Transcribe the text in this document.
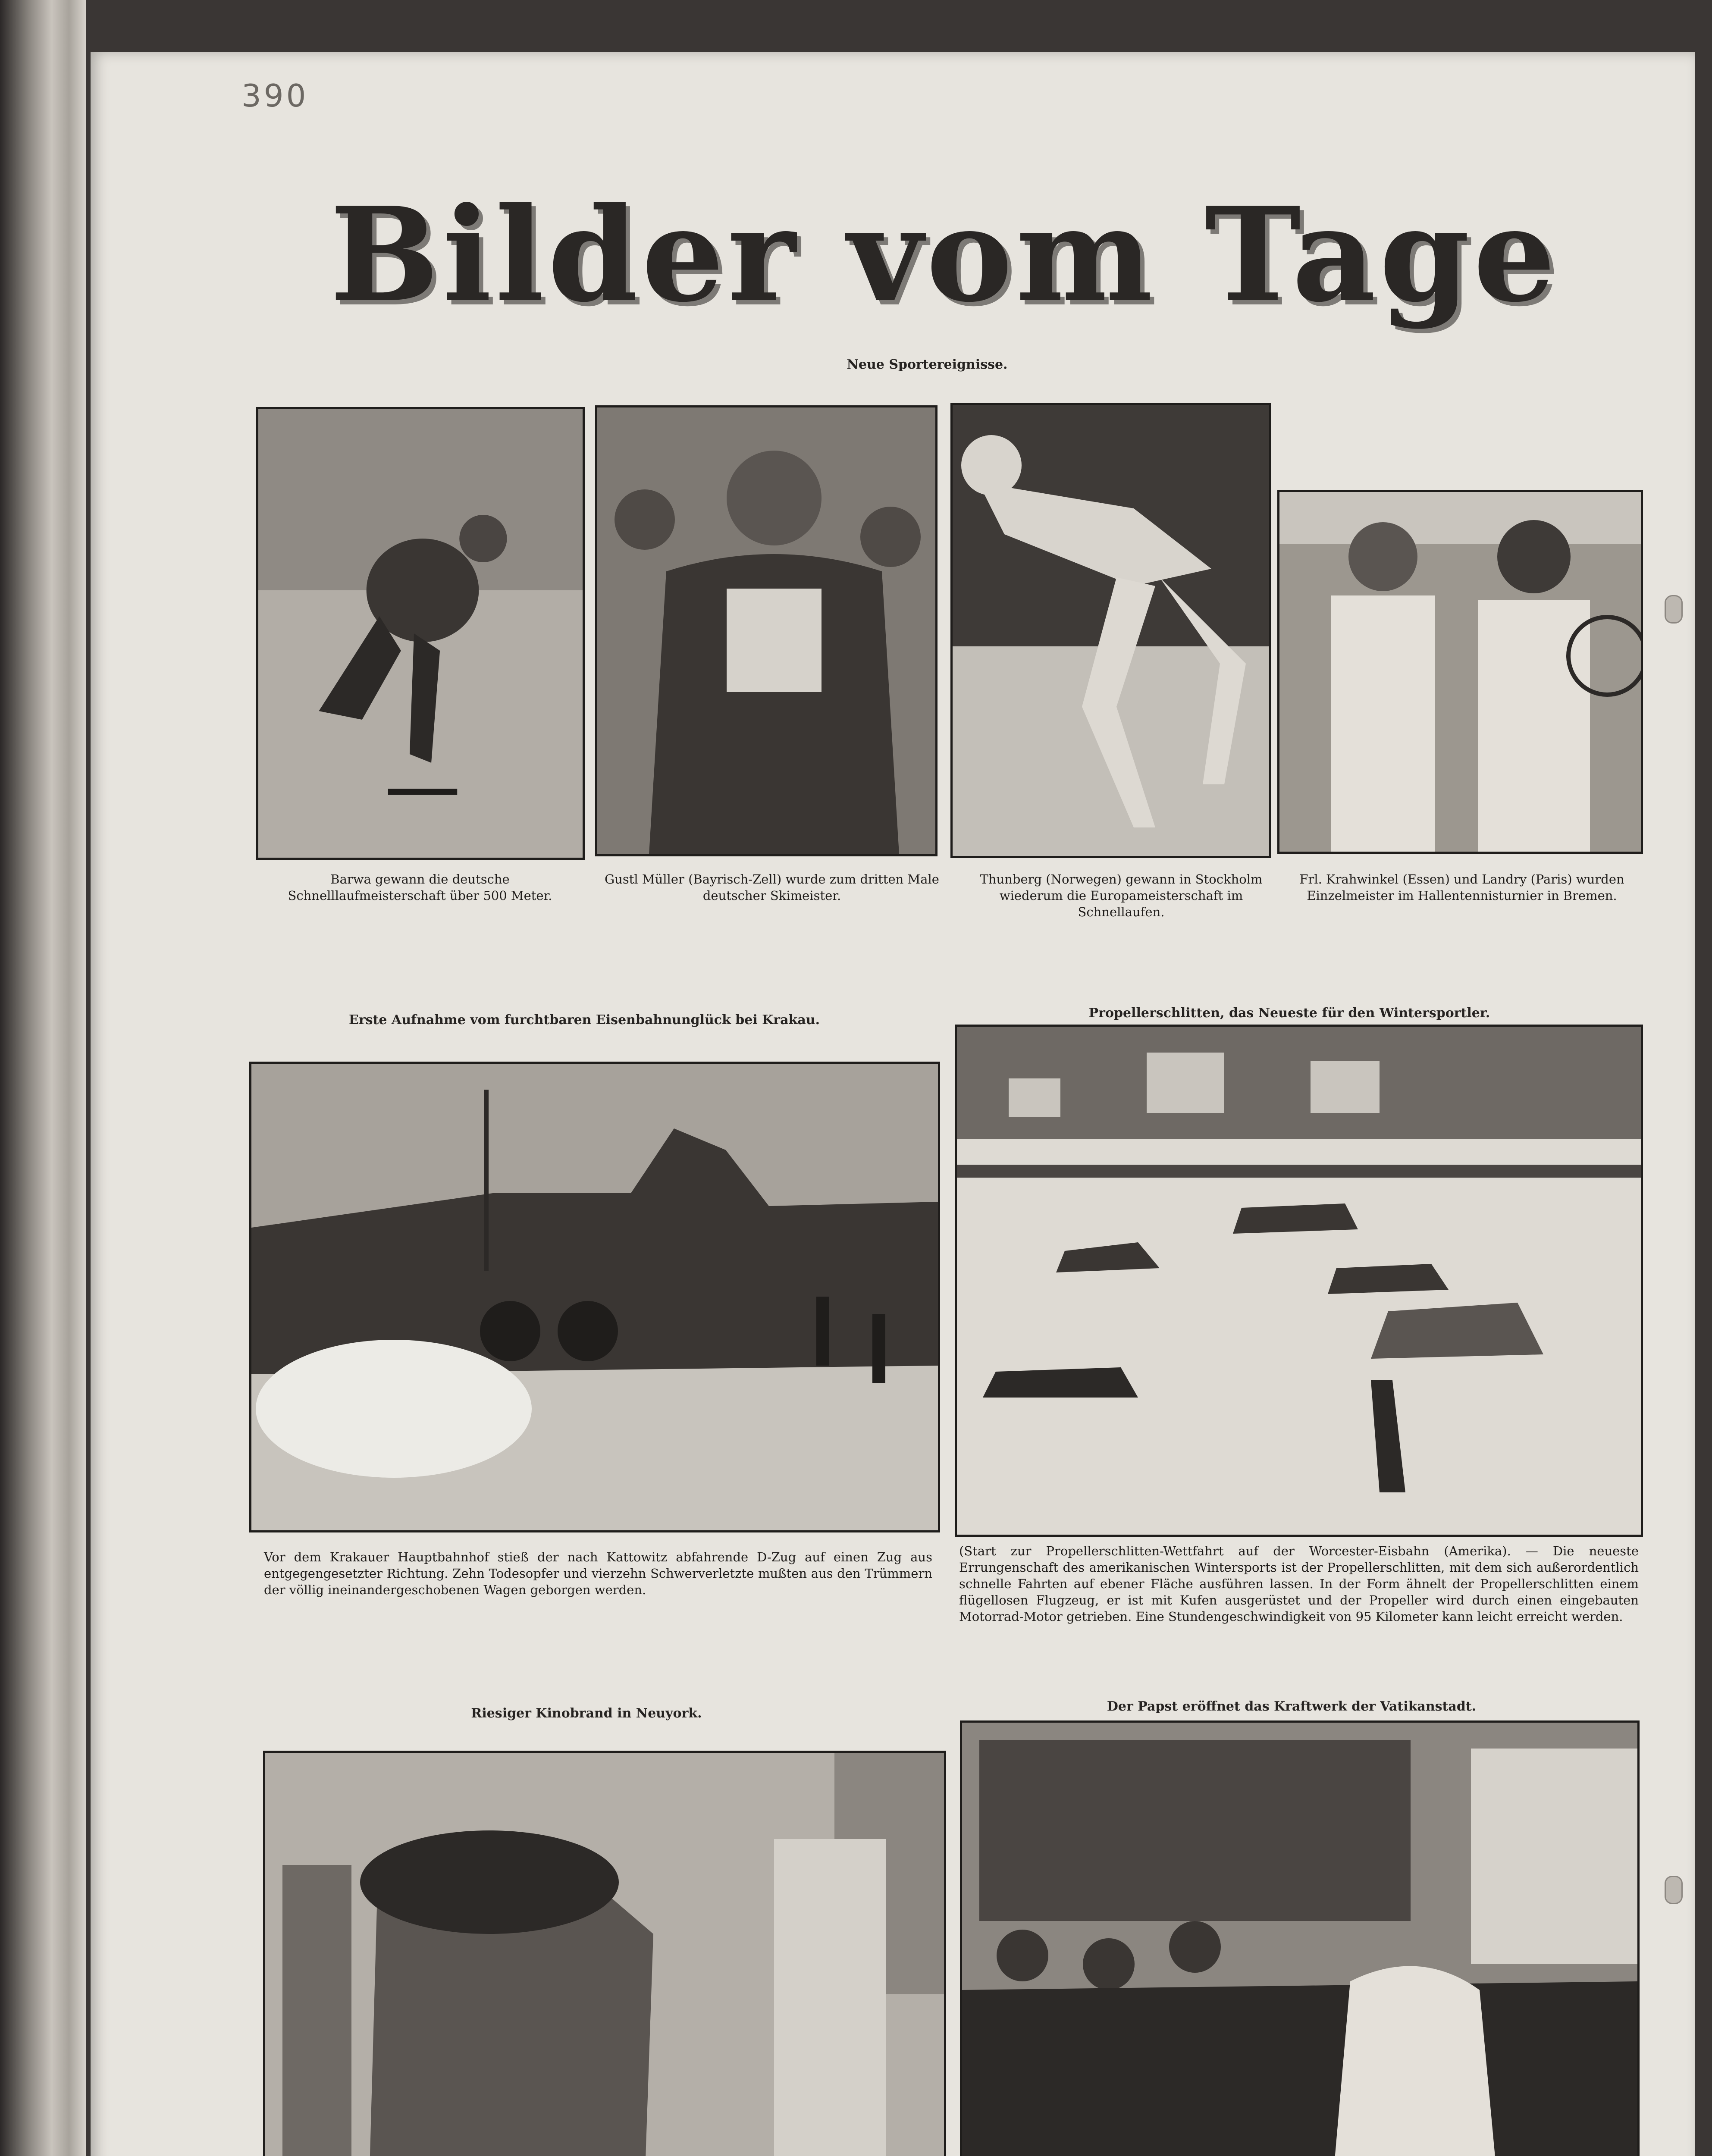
390
Bilder vom Tage
Neue Sportereignisse.
Barwa gewann die deutsche Schnelllaufmeisterschaft über 500 Meter.
Gustl Müller (Bayrisch-Zell) wurde zum dritten Male deutscher Skimeister.
Thunberg (Norwegen) gewann in Stockholm wiederum die Europameisterschaft im Schnellaufen.
Frl. Krahwinkel (Essen) und Landry (Paris) wurden Einzelmeister im Hallentennisturnier in Bremen.
Erste Aufnahme vom furchtbaren Eisenbahnunglück bei Krakau.
Vor dem Krakauer Hauptbahnhof stieß der nach Kattowitz abfahrende D-Zug auf einen Zug aus entgegengesetzter Richtung. Zehn Todesopfer und vierzehn Schwerverletzte mußten aus den Trümmern der völlig ineinandergeschobenen Wagen geborgen werden.
Propellerschlitten, das Neueste für den Wintersportler.
(Start zur Propellerschlitten-Wettfahrt auf der Worcester-Eisbahn (Amerika). — Die neueste Errungenschaft des amerikanischen Wintersports ist der Propellerschlitten, mit dem sich außerordentlich schnelle Fahrten auf ebener Fläche ausführen lassen. In der Form ähnelt der Propellerschlitten einem flügellosen Flugzeug, er ist mit Kufen ausgerüstet und der Propeller wird durch einen eingebauten Motorrad-Motor getrieben. Eine Stundengeschwindigkeit von 95 Kilometer kann leicht erreicht werden.
Riesiger Kinobrand in Neuyork.	Der Papst eröffnet das Kraftwerk der Vatikanstadt.
